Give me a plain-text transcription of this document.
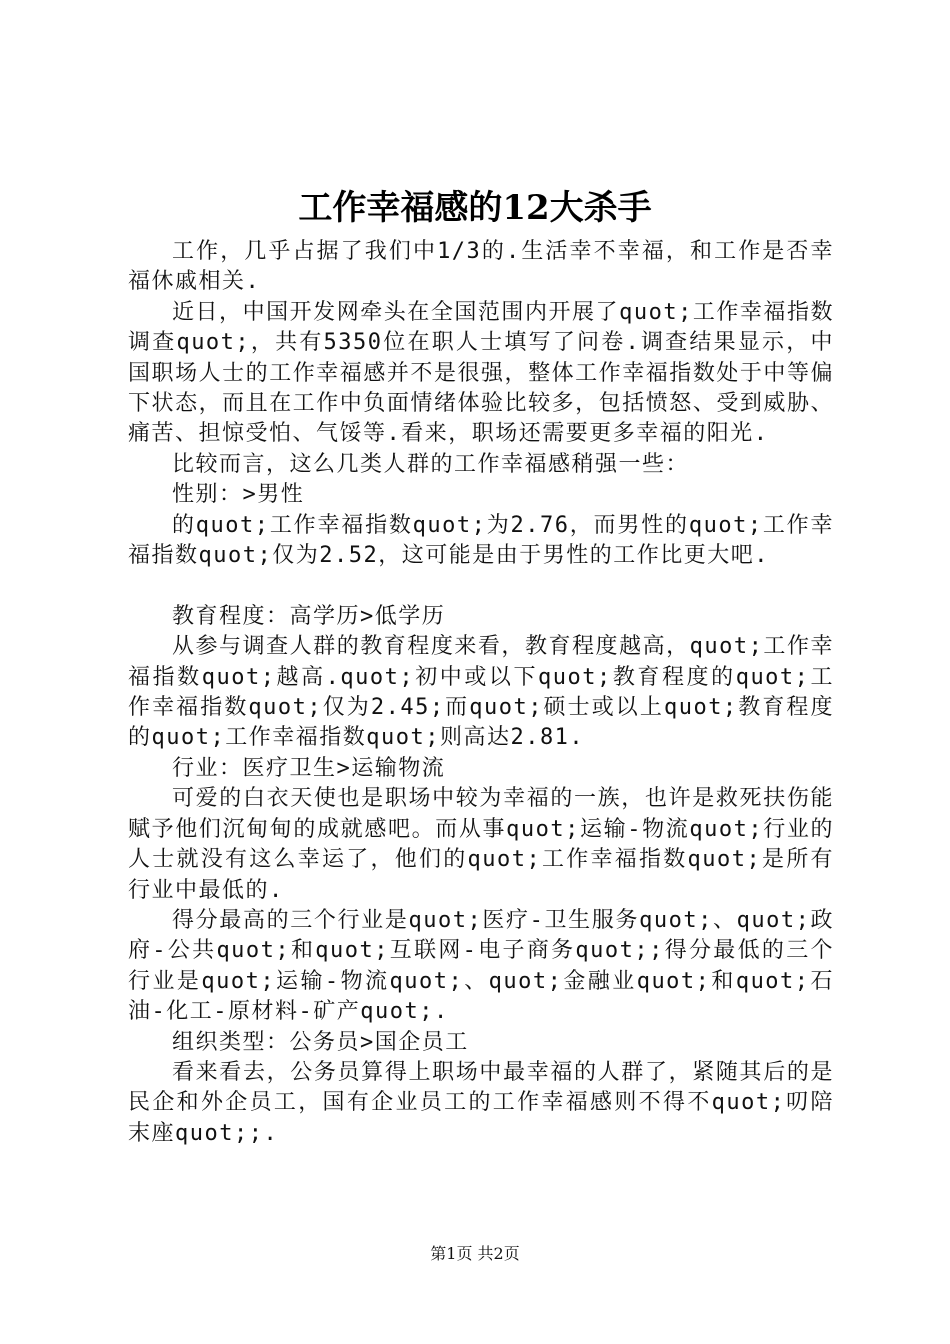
工作幸福感的12大杀手

工作，几乎占据了我们中1/3的.生活幸不幸福，和工作是否幸福休戚相关.

近日，中国开发网牵头在全国范围内开展了quot;工作幸福指数调查quot;，共有5350位在职人士填写了问卷.调查结果显示，中国职场人士的工作幸福感并不是很强，整体工作幸福指数处于中等偏下状态，而且在工作中负面情绪体验比较多，包括愤怒、受到威胁、痛苦、担惊受怕、气馁等.看来，职场还需要更多幸福的阳光.

比较而言，这么几类人群的工作幸福感稍强一些：

性别：>男性

的quot;工作幸福指数quot;为2.76，而男性的quot;工作幸福指数quot;仅为2.52，这可能是由于男性的工作比更大吧.

教育程度：高学历>低学历

从参与调查人群的教育程度来看，教育程度越高，quot;工作幸福指数quot;越高.quot;初中或以下quot;教育程度的quot;工作幸福指数quot;仅为2.45;而quot;硕士或以上quot;教育程度的quot;工作幸福指数quot;则高达2.81.

行业：医疗卫生>运输物流

可爱的白衣天使也是职场中较为幸福的一族，也许是救死扶伤能赋予他们沉甸甸的成就感吧。而从事quot;运输-物流quot;行业的人士就没有这么幸运了，他们的quot;工作幸福指数quot;是所有行业中最低的.

得分最高的三个行业是quot;医疗-卫生服务quot;、quot;政府-公共quot;和quot;互联网-电子商务quot;;得分最低的三个行业是quot;运输-物流quot;、quot;金融业quot;和quot;石油-化工-原材料-矿产quot;.

组织类型：公务员>国企员工

看来看去，公务员算得上职场中最幸福的人群了，紧随其后的是民企和外企员工，国有企业员工的工作幸福感则不得不quot;叨陪末座quot;;.

第1页 共2页
